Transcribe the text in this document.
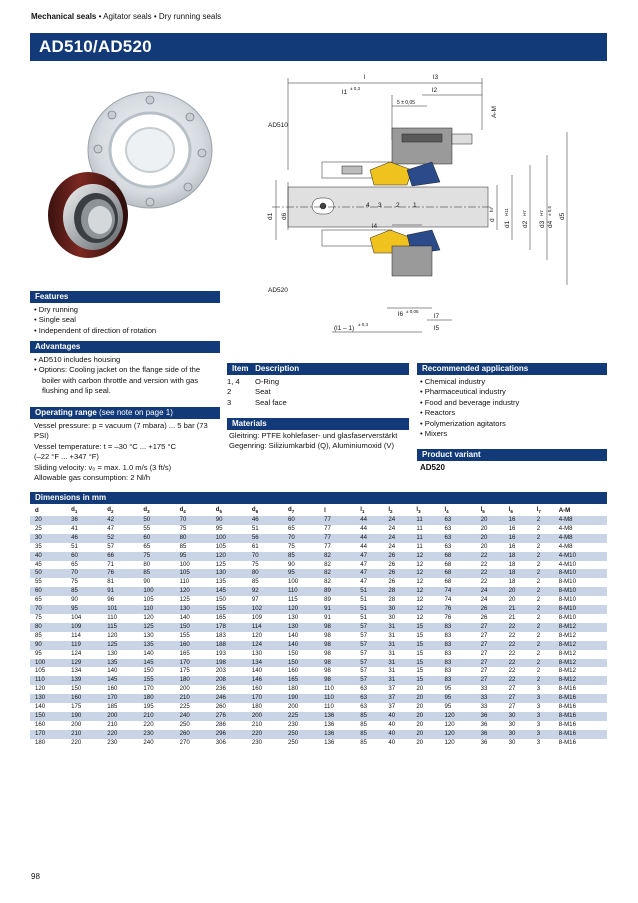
Mechanical seals • Agitator seals • Dry running seals
AD510/AD520
l	l3
l1
± 0,3	l2
5 ± 0,05
AD510
AD520
l4
4 3 2 1
l6 ± 0,05
l7
l5
(l1 – 1)
± 0,3
A-M
d1 d6
d
h7
d1
H11
d2
H7
d3
H7
d4
± 0,5
d5
Features
• Dry running
• Single seal
• Independent of direction of rotation
Advantages
• AD510 includes housing
• Options: Cooling jacket on the flange side of the boiler with carbon throttle and version with gas flushing and lip seal.
Operating range (see note on page 1)
Vessel pressure: p = vacuum (7 mbara) ... 5 bar (73 PSI)
Vessel temperature: t = –30 °C ... +175 °C
(–22 °F ... +347 °F)
Sliding velocity: v₀ = max. 1.0 m/s (3 ft/s)
Allowable gas consumption: 2 Nl/h
Item Description
1, 4	O-Ring
2	Seat
3	Seal face
Materials
Gleitring: PTFE kohlefaser- und glasfaserverstärkt
Gegenring: Siliziumkarbid (Q), Aluminiumoxid (V)
Recommended applications
• Chemical industry
• Pharmaceutical industry
• Food and beverage industry
• Reactors
• Polymerization agitators
• Mixers
Product variant
AD520
Dimensions in mm
d	$d_1$	$d_2$	$d_3$	$d_4$	$d_5$	$d_6$	$d_7$	l	$l_1$	$l_2$	$l_3$	$l_4$	$l_5$	$l_6$	$l_7$	A-M
20	36	42	50	70	90	46	60	77	44	24	11	63	20	16	2	4-M8
25	41	47	55	75	95	51	65	77	44	24	11	63	20	16	2	4-M8
30	46	52	60	80	100	56	70	77	44	24	11	63	20	16	2	4-M8
35	51	57	65	85	105	61	75	77	44	24	11	63	20	16	2	4-M8
40	60	66	75	95	120	70	85	82	47	26	12	68	22	18	2	4-M10
45	65	71	80	100	125	75	90	82	47	26	12	68	22	18	2	4-M10
50	70	76	85	105	130	80	95	82	47	26	12	68	22	18	2	8-M10
55	75	81	90	110	135	85	100	82	47	26	12	68	22	18	2	8-M10
60	85	91	100	120	145	92	110	89	51	28	12	74	24	20	2	8-M10
65	90	96	105	125	150	97	115	89	51	28	12	74	24	20	2	8-M10
70	95	101	110	130	155	102	120	91	51	30	12	76	26	21	2	8-M10
75	104	110	120	140	165	109	130	91	51	30	12	76	26	21	2	8-M10
80	109	115	125	150	178	114	130	98	57	31	15	83	27	22	2	8-M12
85	114	120	130	155	183	120	140	98	57	31	15	83	27	22	2	8-M12
90	119	125	135	160	188	124	140	98	57	31	15	83	27	22	2	8-M12
95	124	130	140	165	193	130	150	98	57	31	15	83	27	22	2	8-M12
100	129	135	145	170	198	134	150	98	57	31	15	83	27	22	2	8-M12
105	134	140	150	175	203	140	160	98	57	31	15	83	27	22	2	8-M12
110	139	145	155	180	208	146	165	98	57	31	15	83	27	22	2	8-M12
120	150	160	170	200	236	160	180	110	63	37	20	95	33	27	3	8-M16
130	160	170	180	210	246	170	190	110	63	37	20	95	33	27	3	8-M16
140	175	185	195	225	260	180	200	110	63	37	20	95	33	27	3	8-M16
150	190	200	210	240	276	200	225	136	85	40	20	120	36	30	3	8-M16
160	200	210	220	250	286	210	230	136	85	40	20	120	36	30	3	8-M16
170	210	220	230	260	296	220	250	136	85	40	20	120	36	30	3	8-M16
180	220	230	240	270	306	230	250	136	85	40	20	120	36	30	3	8-M16
98
